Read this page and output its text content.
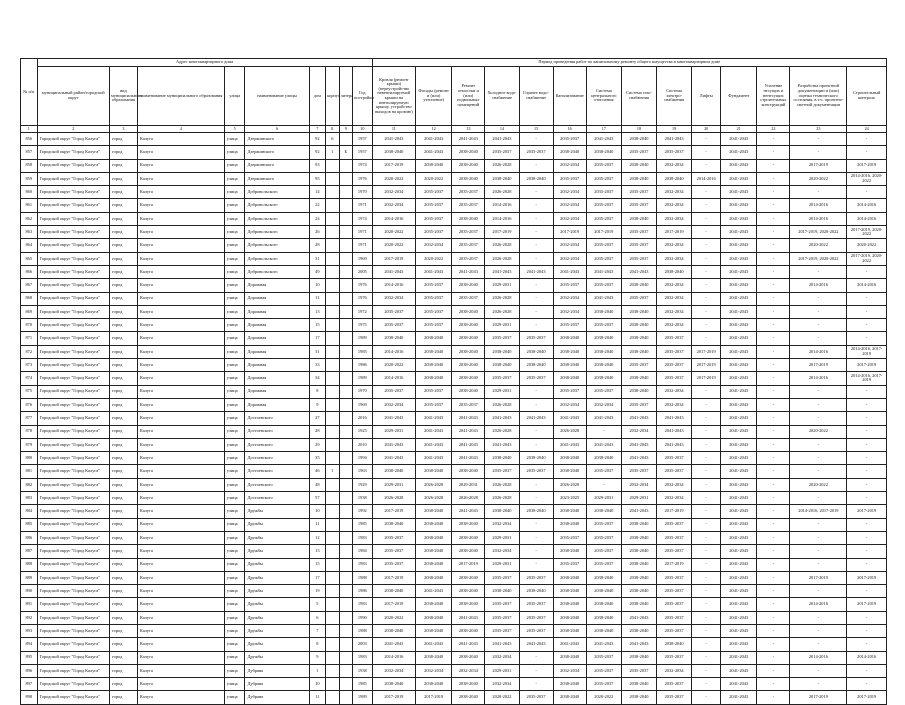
№ п/п	Адрес многоквартирного дома									Период проведения работ по капитальному ремонту общего имущества в многоквартирном доме													
	муниципальный район/городской округ	вид муниципального образования	наименование муниципального образования	улица	наименование улицы	дом	корпус	литера	Год постройки	Кровля (ремонт крыши) (переустройство невентилируемой крыши на вентилируемую крышу, устройство выходов на кровлю)	Фасады (ремонт и (или) утепление)	Ремонт отмостки и (или) подвальных помещений	Холодное водо-снабжение	Горячее водо-снабжение	Канализование	Система центрального отопления	Система газо-снабжения	Система электро-снабжения	Лифты	Фундамент	Усиление несущих и ненесущих строительных конструкций	Разработка проектной документации и (или) оценка технического состояния, в т.ч. проектно-сметной документации	Строительный контроль
1	2	3	4	5	6	7	8	9	10	11	12	13	14	15	16	17	18	19	20	21	22	23	24
856	Городской округ "Город Калуга"	город	Калуга	улица	Дзержинского	92	6		1957	2041-2043	2041-2043	2041-2043	2041-2043	-	2035-2037	2041-2043	2038-2040	2041-2043	-	2041-2043	-	-	-
857	Городской округ "Город Калуга"	город	Калуга	улица	Дзержинского	92	1	Б	1957	2038-2040	2041-2043	2038-2040	2035-2037	2035-2037	2038-2040	2038-2040	2035-2037	2035-2037	-	2041-2043	-	-	-
858	Городской округ "Город Калуга"	город	Калуга	улица	Дзержинского	93			1974	2017-2019	2038-2040	2038-2040	2026-2028	-	2032-2034	2035-2037	2038-2040	2032-2034	-	2041-2043	-	2017-2019	2017-2019
859	Городской округ "Город Калуга"	город	Калуга	улица	Дзержинского	95			1976	2020-2022	2020-2022	2038-2040	2038-2040	2038-2040	2035-2037	2035-2037	2038-2040	2038-2040	2014-2016	2041-2043	-	2020-2022	2014-2016, 2020-2022
860	Городской округ "Город Калуга"	город	Калуга	улица	Добровольского	14			1970	2032-2034	2035-2037	2035-2037	2026-2028	-	2032-2034	2035-2037	2035-2037	2032-2034	-	2041-2043	-	-	-
861	Городской округ "Город Калуга"	город	Калуга	улица	Добровольского	22			1971	2032-2034	2035-2037	2035-2037	2014-2016	-	2032-2034	2035-2037	2035-2037	2032-2034	-	2041-2043	-	2014-2016	2014-2016
862	Городской округ "Город Калуга"	город	Калуга	улица	Добровольского	24			1974	2014-2016	2035-2037	2038-2040	2014-2016	-	2032-2034	2035-2037	2038-2040	2032-2034	-	2041-2043	-	2014-2016	2014-2016
863	Городской округ "Город Калуга"	город	Калуга	улица	Добровольского	26			1971	2020-2022	2035-2037	2035-2037	2017-2019	-	2017-2019	2017-2019	2035-2037	2017-2019	-	2041-2043	-	2017-2019, 2020-2022	2017-2019, 2020-2022
864	Городской округ "Город Калуга"	город	Калуга	улица	Добровольского	28			1971	2020-2022	2032-2034	2035-2037	2026-2028	-	2032-2034	2035-2037	2035-2037	2032-2034	-	2041-2043	-	2020-2022	2020-2022
865	Городской округ "Город Калуга"	город	Калуга	улица	Добровольского	31			1969	2017-2019	2020-2022	2035-2037	2026-2028	-	2032-2034	2035-2037	2035-2037	2032-2034	-	2041-2043	-	2017-2019, 2020-2022	2017-2019, 2020-2022
866	Городской округ "Город Калуга"	город	Калуга	улица	Добровольского	49			2005	2041-2043	2041-2043	2041-2043	2041-2043	2041-2043	2041-2043	2041-2043	2041-2043	2038-2040	-	2041-2043	-	-	-
867	Городской округ "Город Калуга"	город	Калуга	улица	Дорожная	10			1976	2014-2016	2035-2037	2038-2040	2029-2031	-	2035-2037	2035-2037	2038-2040	2032-2034	-	2041-2043	-	2014-2016	2014-2016
868	Городской округ "Город Калуга"	город	Калуга	улица	Дорожная	11			1976	2032-2034	2035-2037	2035-2037	2026-2028	-	2032-2034	2041-2043	2035-2037	2032-2034	-	2041-2043	-	-	-
869	Городской округ "Город Калуга"	город	Калуга	улица	Дорожная	13			1972	2035-2037	2035-2037	2038-2040	2026-2028	-	2032-2034	2038-2040	2038-2040	2032-2034	-	2041-2043	-	-	-
870	Городской округ "Город Калуга"	город	Калуга	улица	Дорожная	15			1975	2035-2037	2035-2037	2038-2040	2029-2031	-	2035-2037	2035-2037	2038-2040	2032-2034	-	2041-2043	-	-	-
871	Городской округ "Город Калуга"	город	Калуга	улица	Дорожная	17			1989	2038-2040	2038-2040	2038-2040	2035-2037	2035-2037	2038-2040	2038-2040	2038-2040	2035-2037	-	2041-2043	-	-	-
872	Городской округ "Город Калуга"	город	Калуга	улица	Дорожная	31			1985	2014-2016	2038-2040	2038-2040	2038-2040	2038-2040	2038-2040	2038-2040	2038-2040	2035-2037	2017-2019	2041-2043	-	2014-2016	2014-2016, 2017-2019
873	Городской округ "Город Калуга"	город	Калуга	улица	Дорожная	33			1986	2020-2022	2038-2040	2038-2040	2038-2040	2038-2040	2038-2040	2038-2040	2035-2037	2035-2037	2017-2019	2041-2043	-	2017-2019	2017-2019
874	Городской округ "Город Калуга"	город	Калуга	улица	Дорожная	34			1989	2014-2016	2038-2040	2038-2040	2035-2037	2035-2037	2038-2040	2038-2040	2038-2040	2035-2037	2017-2019	2041-2043	-	2014-2016	2014-2016, 2017-2019
875	Городской округ "Город Калуга"	город	Калуга	улица	Дорожная	8			1970	2035-2037	2035-2037	2038-2040	2029-2031	-	2035-2037	2035-2037	2038-2040	2032-2034	-	2041-2043	-	-	-
876	Городской округ "Город Калуга"	город	Калуга	улица	Дорожная	9			1969	2032-2034	2035-2037	2035-2037	2026-2028	-	2032-2034	2032-2034	2035-2037	2032-2034	-	2041-2043	-	-	-
877	Городской округ "Город Калуга"	город	Калуга	улица	Достоевского	27			2016	2041-2043	2041-2043	2041-2043	2041-2043	2041-2043	2041-2043	2041-2043	2041-2043	2041-2043	-	2041-2043	-	-	-
878	Городской округ "Город Калуга"	город	Калуга	улица	Достоевского	28			1925	2029-2031	2041-2043	2041-2043	2026-2028	-	2026-2028	-	2032-2034	2041-2043	-	2041-2043	-	2020-2022	-
879	Городской округ "Город Калуга"	город	Калуга	улица	Достоевского	29			2010	2041-2043	2041-2043	2041-2043	2041-2043	-	2041-2043	2041-2043	2041-2043	2041-2043	-	2041-2043	-	-	-
880	Городской округ "Город Калуга"	город	Калуга	улица	Достоевского	35			1994	2041-2043	2041-2043	2041-2043	2038-2040	2038-2040	2038-2040	2038-2040	2041-2043	2035-2037	-	2041-2043	-	-	-
881	Городской округ "Город Калуга"	город	Калуга	улица	Достоевского	46	1		1963	2038-2040	2038-2040	2038-2040	2035-2037	2035-2037	2038-2040	2035-2037	2035-2037	2035-2037	-	2041-2043	-	-	-
882	Городской округ "Город Калуга"	город	Калуга	улица	Достоевского	48			1929	2029-2031	2026-2028	2029-2031	2026-2028	-	2026-2028	-	2032-2034	2032-2034	-	2041-2043	-	2020-2022	-
883	Городской округ "Город Калуга"	город	Калуга	улица	Достоевского	57			1938	2026-2028	2026-2028	2026-2028	2026-2028	-	2023-2025	2029-2031	2029-2031	2032-2034	-	2041-2043	-	-	-
884	Городской округ "Город Калуга"	город	Калуга	улица	Дружбы	10			1992	2017-2019	2038-2040	2041-2043	2038-2040	2038-2040	2038-2040	2038-2040	2041-2043	2017-2019	-	2041-2043	-	2014-2016, 2017-2019	2017-2019
885	Городской округ "Город Калуга"	город	Калуга	улица	Дружбы	11			1985	2038-2040	2038-2040	2038-2040	2032-2034	-	2038-2040	2035-2037	2038-2040	2035-2037	-	2041-2043	-	-	-
886	Городской округ "Город Калуга"	город	Калуга	улица	Дружбы	12			1983	2035-2037	2038-2040	2038-2040	2029-2031	-	2035-2037	2035-2037	2038-2040	2035-2037	-	2041-2043	-	-	-
887	Городской округ "Город Калуга"	город	Калуга	улица	Дружбы	13			1984	2035-2037	2038-2040	2038-2040	2032-2034	-	2038-2040	2035-2037	2038-2040	2035-2037	-	2041-2043	-	-	-
888	Городской округ "Город Калуга"	город	Калуга	улица	Дружбы	15			1983	2035-2037	2038-2040	2017-2019	2029-2031	-	2035-2037	2035-2037	2038-2040	2017-2019	-	2041-2043	-	-	-
889	Городской округ "Город Калуга"	город	Калуга	улица	Дружбы	17			1988	2017-2019	2038-2040	2038-2040	2035-2037	2035-2037	2038-2040	2038-2040	2038-2040	2035-2037	-	2041-2043	-	2017-2019	2017-2019
890	Городской округ "Город Калуга"	город	Калуга	улица	Дружбы	19			1986	2038-2040	2041-2043	2038-2040	2038-2040	2038-2040	2038-2040	2038-2040	2038-2040	2035-2037	-	2041-2043	-	-	-
891	Городской округ "Город Калуга"	город	Калуга	улица	Дружбы	5			1983	2017-2019	2038-2040	2038-2040	2035-2037	2035-2037	2038-2040	2038-2040	2038-2040	2035-2037	-	2041-2043	-	2014-2016	2017-2019
892	Городской округ "Город Калуга"	город	Калуга	улица	Дружбы	6			1990	2020-2022	2038-2040	2041-2043	2035-2037	2035-2037	2038-2040	2038-2040	2041-2043	2035-2037	-	2041-2043	-	-	-
893	Городской округ "Город Калуга"	город	Калуга	улица	Дружбы	7			1988	2038-2040	2038-2040	2038-2040	2035-2037	2035-2037	2038-2040	2038-2040	2038-2040	2035-2037	-	2041-2043	-	-	-
894	Городской округ "Город Калуга"	город	Калуга	улица	Дружбы	8			2003	2041-2043	2041-2043	2041-2043	2041-2043	2041-2043	2041-2043	2041-2043	2041-2043	2038-2040	-	2041-2043	-	-	-
895	Городской округ "Город Калуга"	город	Калуга	улица	Дружбы	9			1983	2014-2016	2038-2040	2038-2040	2032-2034	-	2038-2040	2035-2037	2038-2040	2035-2037	-	2041-2043	-	2014-2016	2014-2016
896	Городской округ "Город Калуга"	город	Калуга	улица	Дубрава	1			1938	2032-2034	2032-2034	2032-2034	2029-2031	-	2032-2034	2035-2037	2035-2037	2032-2034	-	2041-2043	-	-	-
897	Городской округ "Город Калуга"	город	Калуга	улица	Дубрава	10			1985	2038-2040	2038-2040	2038-2040	2032-2034	-	2038-2040	2035-2037	2038-2040	2035-2037	-	2041-2043	-	-	-
898	Городской округ "Город Калуга"	город	Калуга	улица	Дубрава	11			1989	2017-2019	2017-2019	2038-2040	2020-2022	2035-2037	2038-2040	2020-2022	2038-2040	2035-2037	-	2041-2043	-	2017-2019	2017-2019
